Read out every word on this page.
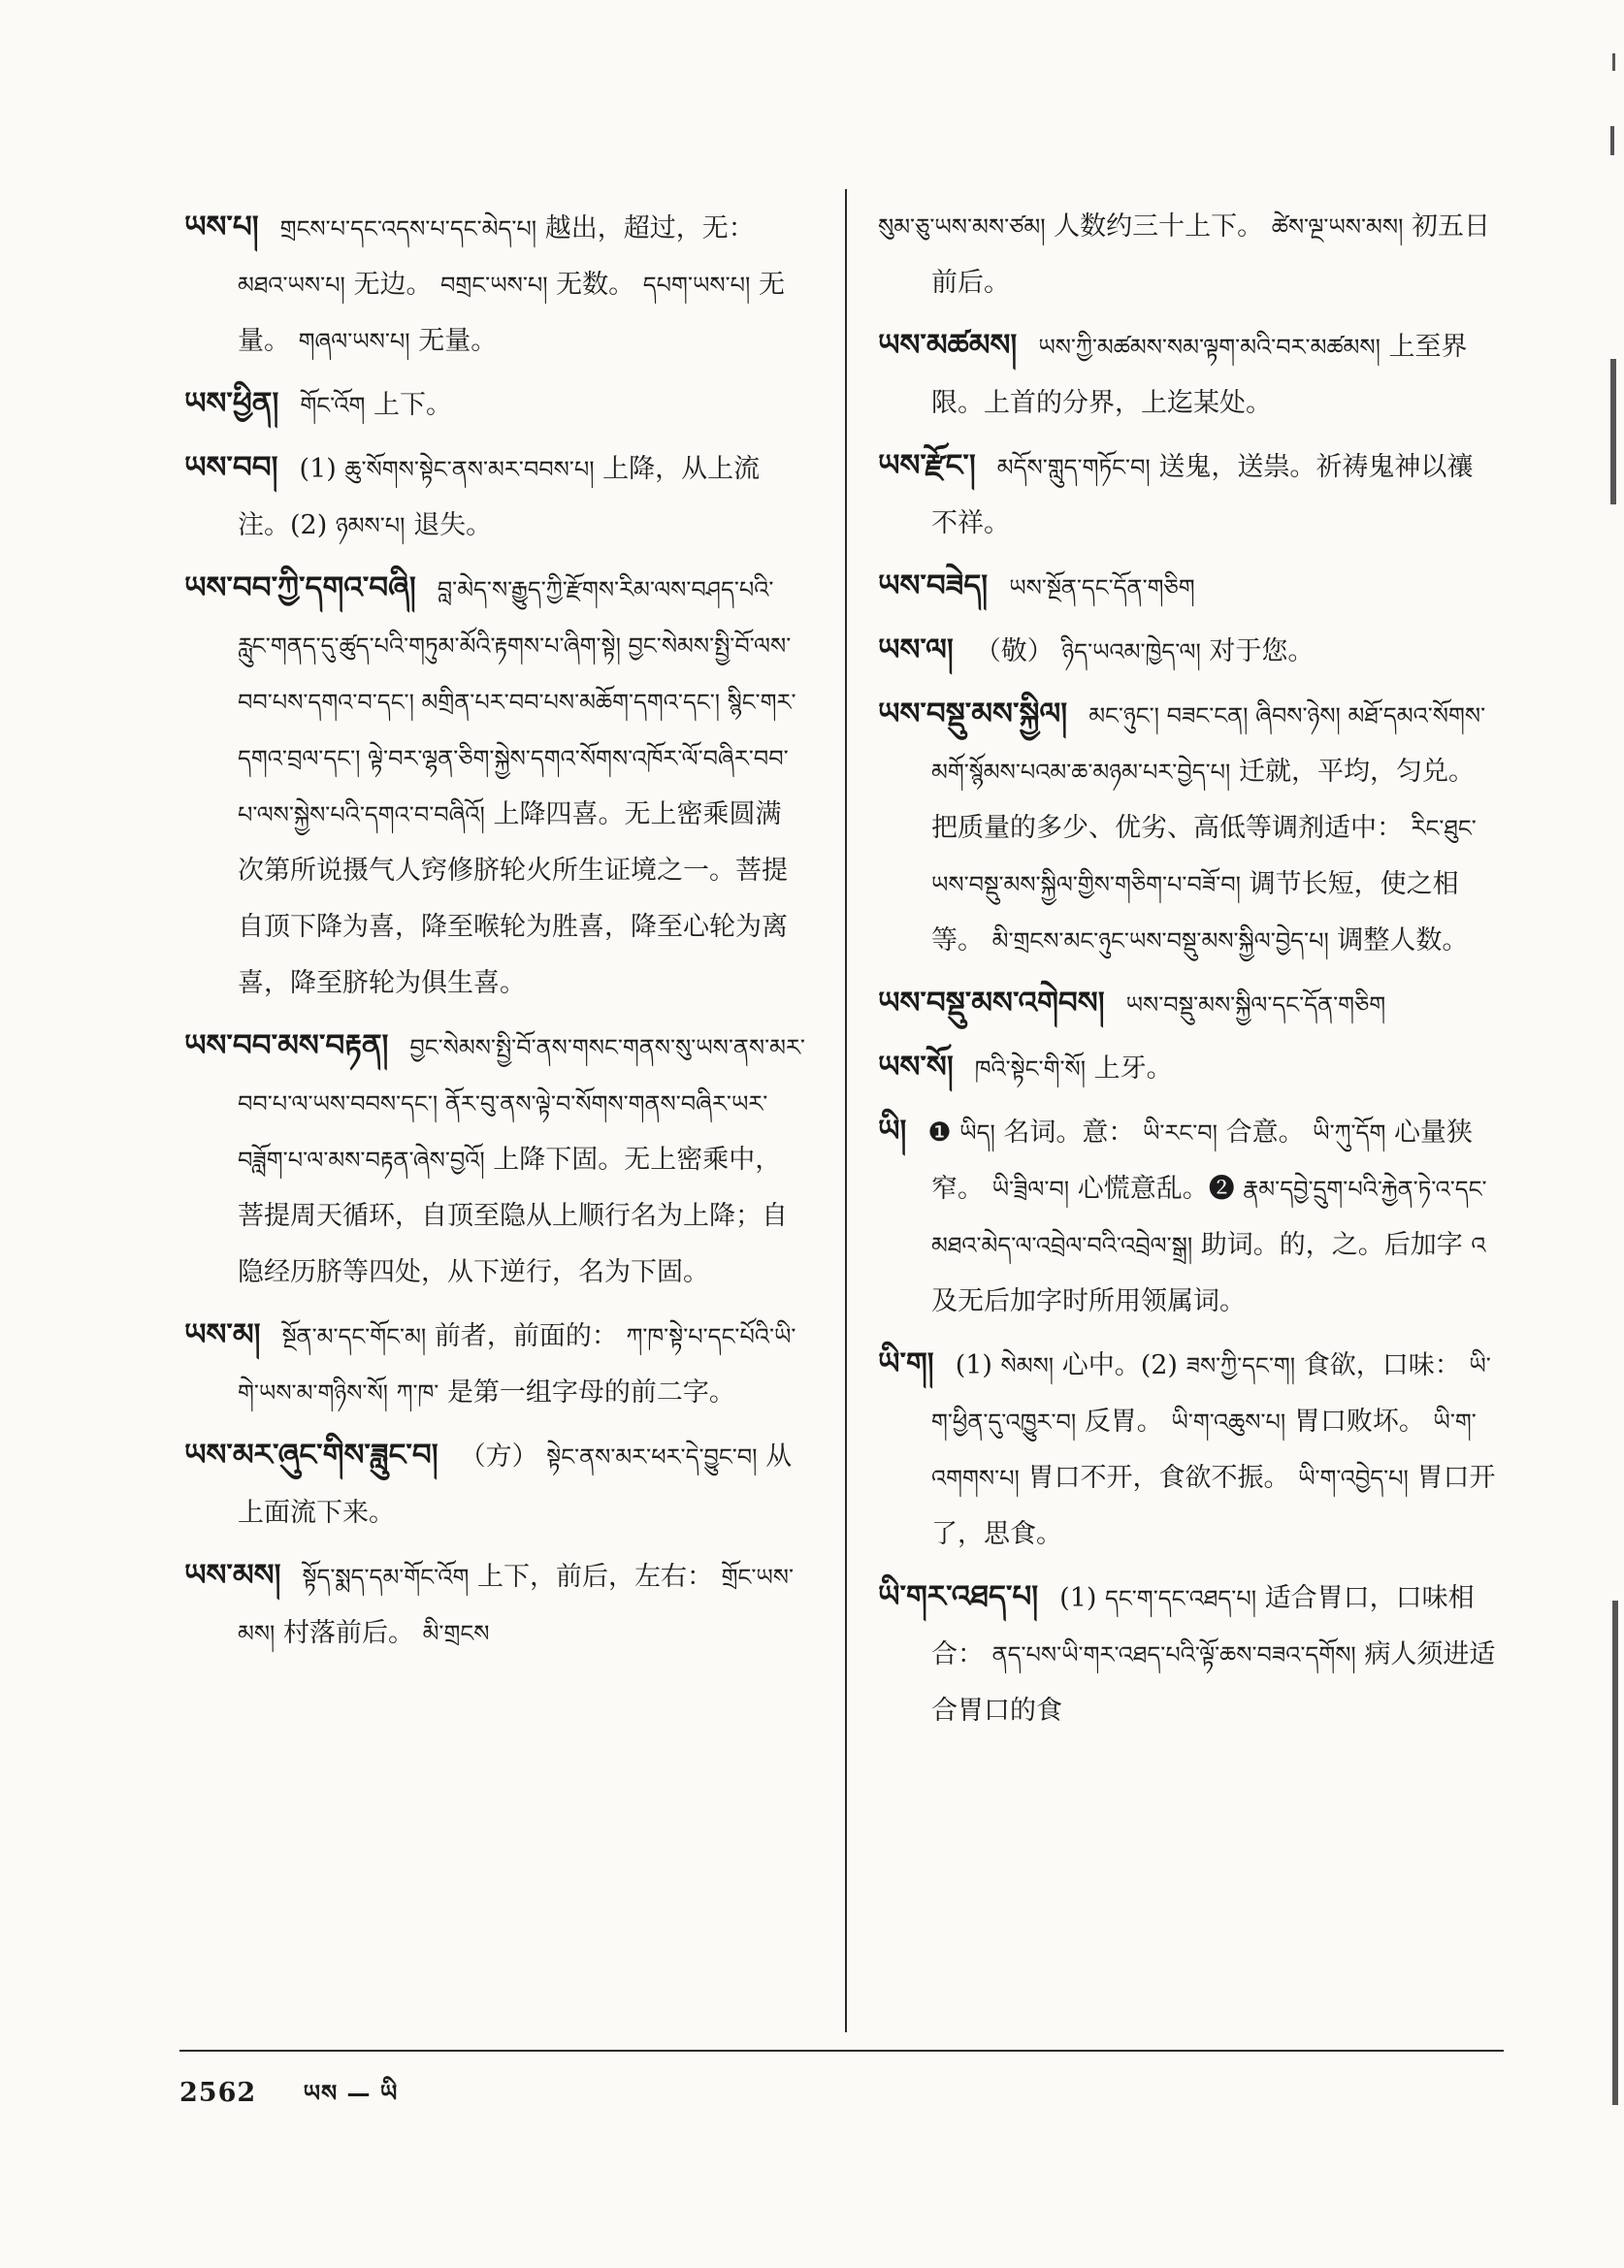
ཡས་པ། གྲངས་པ་དང་འདས་པ་དང་མེད་པ། 越出，超过，无： མཐའ་ཡས་པ། 无边。 བགྲང་ཡས་པ། 无数。 དཔག་ཡས་པ། 无量。 གཞལ་ཡས་པ། 无量。
ཡས་ཕྱིན། གོང་འོག 上下。
ཡས་བབ། (1) ཆུ་སོགས་སྟེང་ནས་མར་བབས་པ། 上降，从上流注。(2) ཉམས་པ། 退失。
ཡས་བབ་ཀྱི་དགའ་བཞི། བླ་མེད་ས་རྒྱུད་ཀྱི་རྫོགས་རིམ་ལས་བཤད་པའི་རླུང་གནད་དུ་ཚུད་པའི་གཏུམ་མོའི་རྟགས་པ་ཞིག་སྟེ། བྱང་སེམས་སྤྱི་བོ་ལས་བབ་པས་དགའ་བ་དང་། མགྲིན་པར་བབ་པས་མཆོག་དགའ་དང་། སྙིང་གར་དགའ་བྲལ་དང་། ལྟེ་བར་ལྷན་ཅིག་སྐྱེས་དགའ་སོགས་འཁོར་ལོ་བཞིར་བབ་པ་ལས་སྐྱེས་པའི་དགའ་བ་བཞིའོ། 上降四喜。无上密乘圆满次第所说摄气人窍修脐轮火所生证境之一。菩提自顶下降为喜，降至喉轮为胜喜，降至心轮为离喜，降至脐轮为俱生喜。
ཡས་བབ་མས་བརྟན། བྱང་སེམས་སྤྱི་བོ་ནས་གསང་གནས་སུ་ཡས་ནས་མར་བབ་པ་ལ་ཡས་བབས་དང་། ནོར་བུ་ནས་ལྟེ་བ་སོགས་གནས་བཞིར་ཡར་བཟློག་པ་ལ་མས་བརྟན་ཞེས་བྱའོ། 上降下固。无上密乘中，菩提周天循环，自顶至隐从上顺行名为上降；自隐经历脐等四处，从下逆行，名为下固。
ཡས་མ། སྔོན་མ་དང་གོང་མ། 前者，前面的： ཀ་ཁ་སྟེ་པ་དང་པོའི་ཡི་གེ་ཡས་མ་གཉིས་སོ། ཀ་ཁ་ 是第一组字母的前二字。
ཡས་མར་ཞུང་གིས་ཟླུང་བ། （方） སྟེང་ནས་མར་ཕར་དེ་བྱུང་བ། 从上面流下来。
ཡས་མས། སྟོད་སྨད་དམ་གོང་འོག 上下，前后，左右： གྲོང་ཡས་མས། 村落前后。 མི་གྲངས
སུམ་ཅུ་ཡས་མས་ཙམ། 人数约三十上下。 ཚེས་ལྔ་ཡས་མས། 初五日前后。
ཡས་མཚམས། ཡས་ཀྱི་མཚམས་སམ་ལྟག་མའི་བར་མཚམས། 上至界限。上首的分界，上迄某处。
ཡས་རྫོང་། མདོས་གླུད་གཏོང་བ། 送鬼，送祟。祈祷鬼神以禳不祥。
ཡས་བཟེད། ཡས་སྔོན་དང་དོན་གཅིག
ཡས་ལ། （敬） ཉིད་ཡའམ་ཁྱེད་ལ། 对于您。
ཡས་བསྡུ་མས་སྐྱིལ། མང་ཉུང་། བཟང་ངན། ཞིབས་ཉེས། མཐོ་དམའ་སོགས་མགོ་སྙོམས་པའམ་ཆ་མཉམ་པར་བྱེད་པ། 迁就，平均，匀兑。把质量的多少、优劣、高低等调剂适中： རིང་ཐུང་ཡས་བསྡུ་མས་སྐྱིལ་གྱིས་གཅིག་པ་བཟོ་བ། 调节长短，使之相等。 མི་གྲངས་མང་ཉུང་ཡས་བསྡུ་མས་སྐྱིལ་བྱེད་པ། 调整人数。
ཡས་བསྡུ་མས་འགེབས། ཡས་བསྡུ་མས་སྐྱིལ་དང་དོན་གཅིག
ཡས་སོ། ཁའི་སྟེང་གི་སོ། 上牙。
ཡི། ❶ ཡིད། 名词。意： ཡི་རང་བ། 合意。 ཡི་ཀུ་དོག 心量狭窄。 ཡི་ཟྲིལ་བ། 心慌意乱。❷ རྣམ་དབྱེ་དྲུག་པའི་རྐྱེན་ཏེ་འ་དང་མཐའ་མེད་ལ་འབྲེལ་བའི་འབྲེལ་སྒྲ། 助词。的，之。后加字 འ 及无后加字时所用领属词。
ཡི་ག། (1) སེམས། 心中。(2) ཟས་ཀྱི་དང་ག། 食欲，口味： ཡི་ག་ཕྱིན་དུ་འཁྱུར་བ། 反胃。 ཡི་ག་འཆུས་པ། 胃口败坏。 ཡི་ག་འགགས་པ། 胃口不开，食欲不振。 ཡི་ག་འབྱེད་པ། 胃口开了，思食。
ཡི་གར་འཐད་པ། (1) དང་ག་དང་འཐད་པ། 适合胃口，口味相合： ནད་པས་ཡི་གར་འཐད་པའི་ལྟོ་ཆས་བཟའ་དགོས། 病人须进适合胃口的食
2562 ཡས — ཡི
